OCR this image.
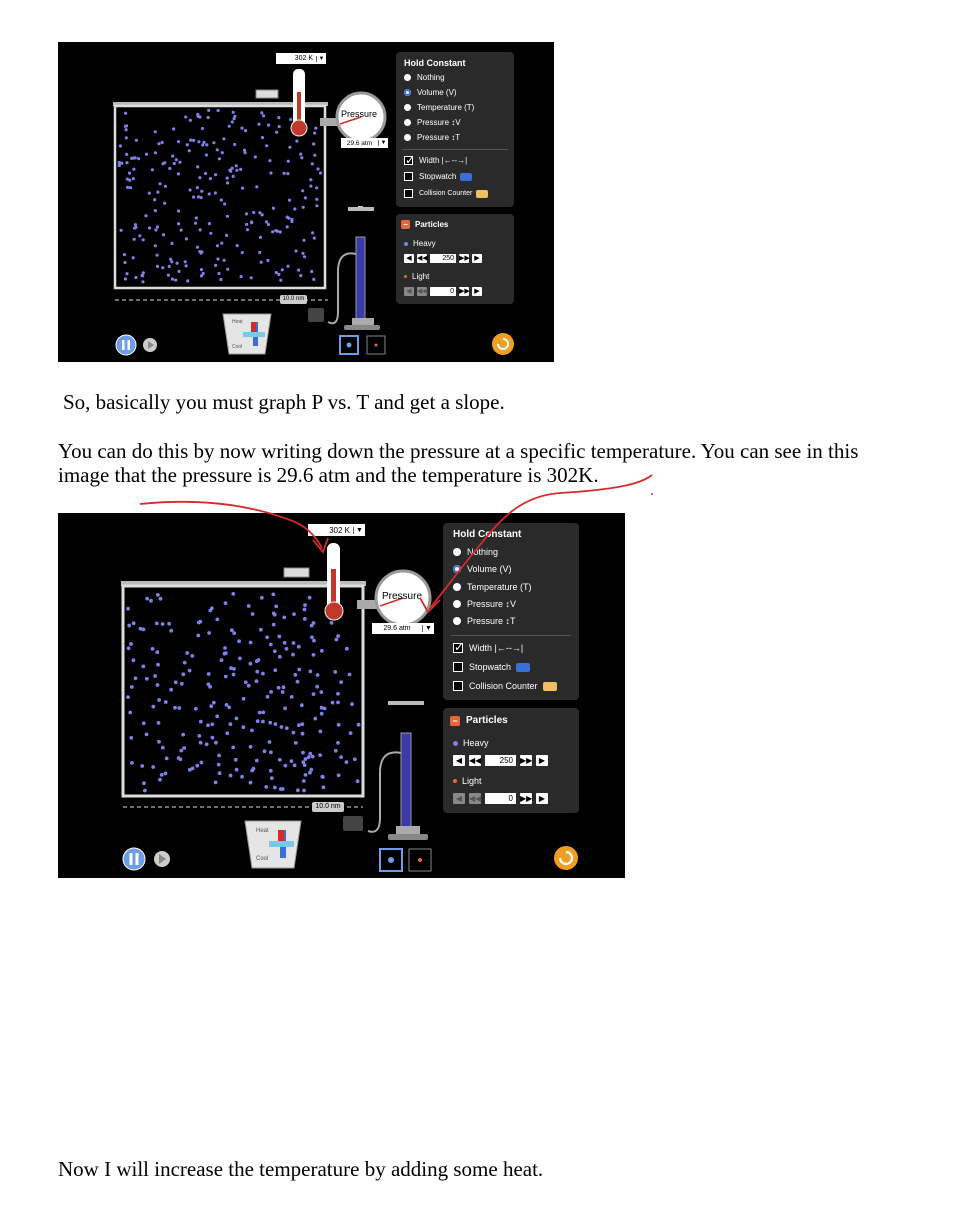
302 K ▼
Pressure
29.6 atm	▼
10.0 nm
Heat
Cool
Hold Constant
Nothing
Volume (V)
Temperature (T)
Pressure ↕V
Pressure ↕T
✓
Width |←--→|
Stopwatch
Collision Counter
− Particles
Heavy
◀ ◀◀	250 ▶▶ ▶
Light
◀ ◀◀	0 ▶▶ ▶

So, basically you must graph P vs. T and get a slope.

You can do this by now writing down the pressure at a specific temperature. You can see in this

image that the pressure is 29.6 atm and the temperature is 302K.

302 K ▼
Pressure
29.6 atm	▼
10.0 nm
Heat
Cool
Hold Constant
Nothing
Volume (V)
Temperature (T)
Pressure ↕V
Pressure ↕T
✓
Width |←--→|
Stopwatch
Collision Counter
− Particles
Heavy
◀ ◀◀	250 ▶▶ ▶
Light
◀ ◀◀	0 ▶▶ ▶

Now I will increase the temperature by adding some heat.
